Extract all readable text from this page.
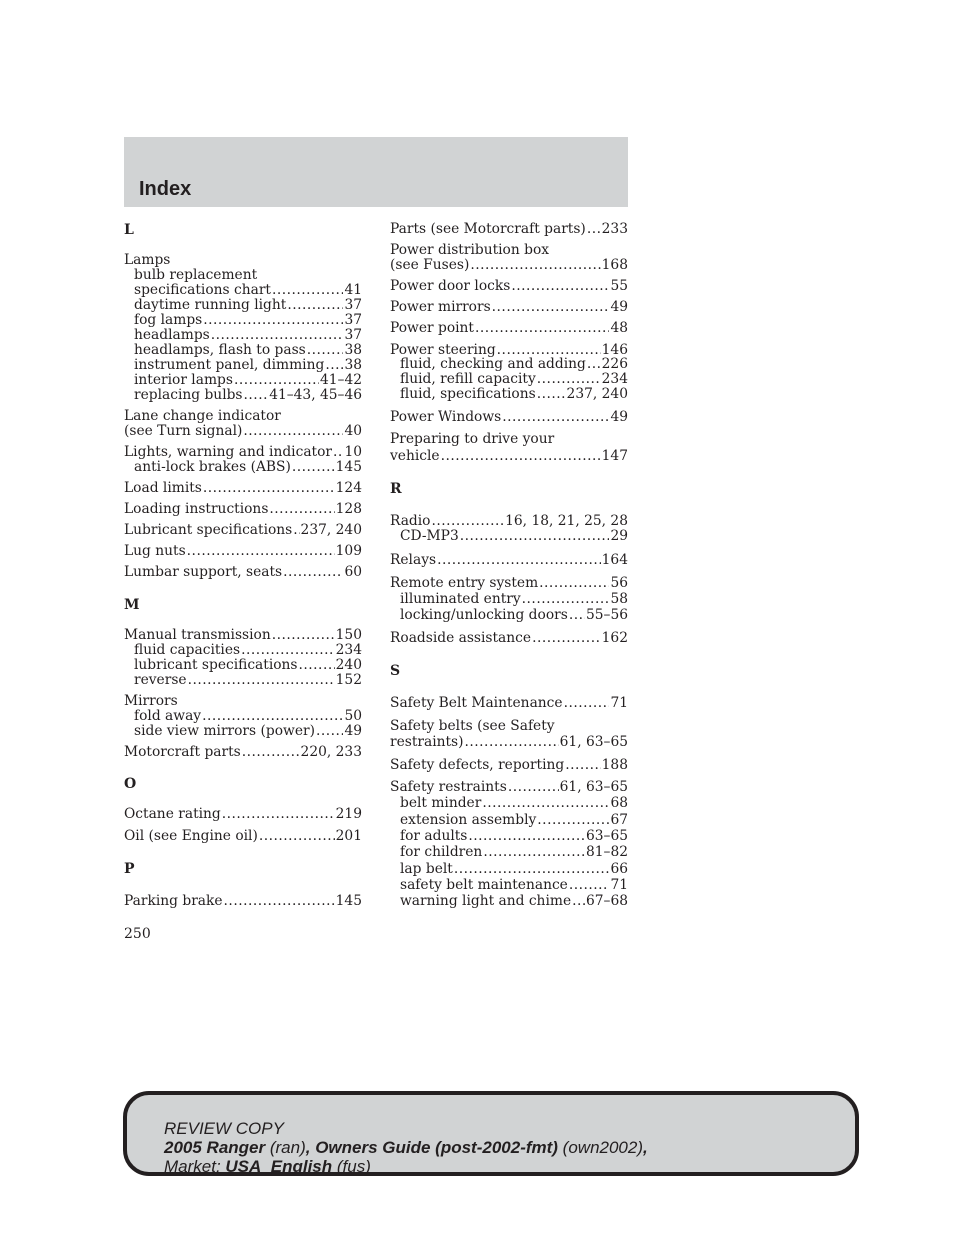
Index
L
Lamps
bulb replacement
specifications chart .....	41
daytime running light .....	37
fog lamps .....	37
headlamps .....	37
headlamps, flash to pass .....	38
instrument panel, dimming ..... 38
interior lamps .....	41–42
replacing bulbs ..... 41–43, 45–46
Lane change indicator
(see Turn signal) .....	40
Lights, warning and indicator ..... 10
anti-lock brakes (ABS) .....	145
Load limits .....	124
Loading instructions .....	128
Lubricant specifications ..... 237, 240
Lug nuts .....	109
Lumbar support, seats .....	60
M
Manual transmission .....	150
fluid capacities .....	234
lubricant specifications .....	240
reverse .....	152
Mirrors
fold away .....	50
side view mirrors (power) ..... 49
Motorcraft parts .....	220, 233
O
Octane rating .....	219
Oil (see Engine oil) .....	201
P
Parking brake .....	145
Parts (see Motorcraft parts) ..... 233
Power distribution box
(see Fuses) .....	168
Power door locks .....	55
Power mirrors .....	49
Power point .....	48
Power steering .....	146
fluid, checking and adding ..... 226
fluid, refill capacity .....	234
fluid, specifications ..... 237, 240
Power Windows .....	49
Preparing to drive your
vehicle .....	147
R
Radio .....	16, 18, 21, 25, 28
CD-MP3 .....	29
Relays .....	164
Remote entry system .....	56
illuminated entry .....	58
locking/unlocking doors ..... 55–56
Roadside assistance .....	162
S
Safety Belt Maintenance .....	71
Safety belts (see Safety
restraints) .....	61, 63–65
Safety defects, reporting .....	188
Safety restraints .....	61, 63–65
belt minder .....	68
extension assembly .....	67
for adults .....	63–65
for children .....	81–82
lap belt .....	66
safety belt maintenance .....	71
warning light and chime ..... 67–68
250
REVIEW COPY
2005 Ranger (ran), Owners Guide (post-2002-fmt) (own2002),
Market: USA_English (fus)
